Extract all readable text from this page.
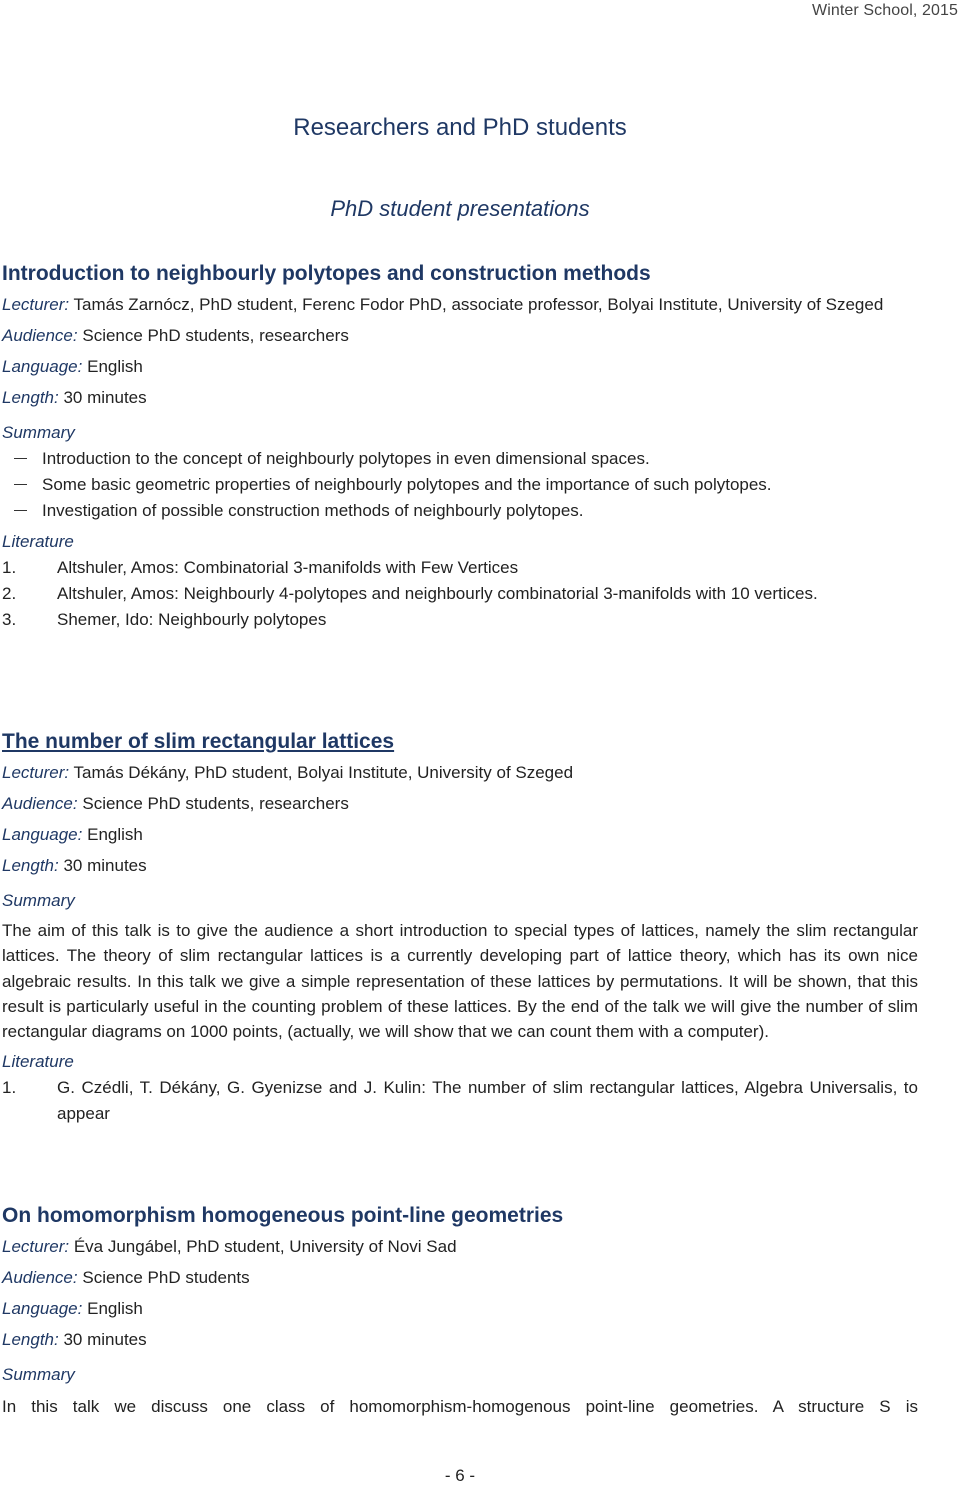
Winter School, 2015
Researchers and PhD students
PhD student presentations
Introduction to neighbourly polytopes and construction methods
Lecturer: Tamás Zarnócz, PhD student, Ferenc Fodor PhD, associate professor, Bolyai Institute, University of Szeged
Audience: Science PhD students, researchers
Language: English
Length: 30 minutes
Summary
Introduction to the concept of neighbourly polytopes in even dimensional spaces.
Some basic geometric properties of neighbourly polytopes and the importance of such polytopes.
Investigation of possible construction methods of neighbourly polytopes.
Literature
1. Altshuler, Amos: Combinatorial 3-manifolds with Few Vertices
2. Altshuler, Amos: Neighbourly 4-polytopes and neighbourly combinatorial 3-manifolds with 10 vertices.
3. Shemer, Ido: Neighbourly polytopes
The number of slim rectangular lattices
Lecturer: Tamás Dékány, PhD student, Bolyai Institute, University of Szeged
Audience: Science PhD students, researchers
Language: English
Length: 30 minutes
Summary

The aim of this talk is to give the audience a short introduction to special types of lattices, namely the slim rectangular lattices. The theory of slim rectangular lattices is a currently developing part of lattice theory, which has its own nice algebraic results. In this talk we give a simple representation of these lattices by permutations. It will be shown, that this result is particularly useful in the counting problem of these lattices. By the end of the talk we will give the number of slim rectangular diagrams on 1000 points, (actually, we will show that we can count them with a computer).

Literature
1. G. Czédli, T. Dékány, G. Gyenizse and J. Kulin: The number of slim rectangular lattices, Algebra Universalis, to appear
On homomorphism homogeneous point-line geometries
Lecturer: Éva Jungábel, PhD student, University of Novi Sad
Audience: Science PhD students
Language: English
Length: 30 minutes
Summary

In this talk we discuss one class of homomorphism-homogenous point-line geometries. A structure S is

- 6 -
